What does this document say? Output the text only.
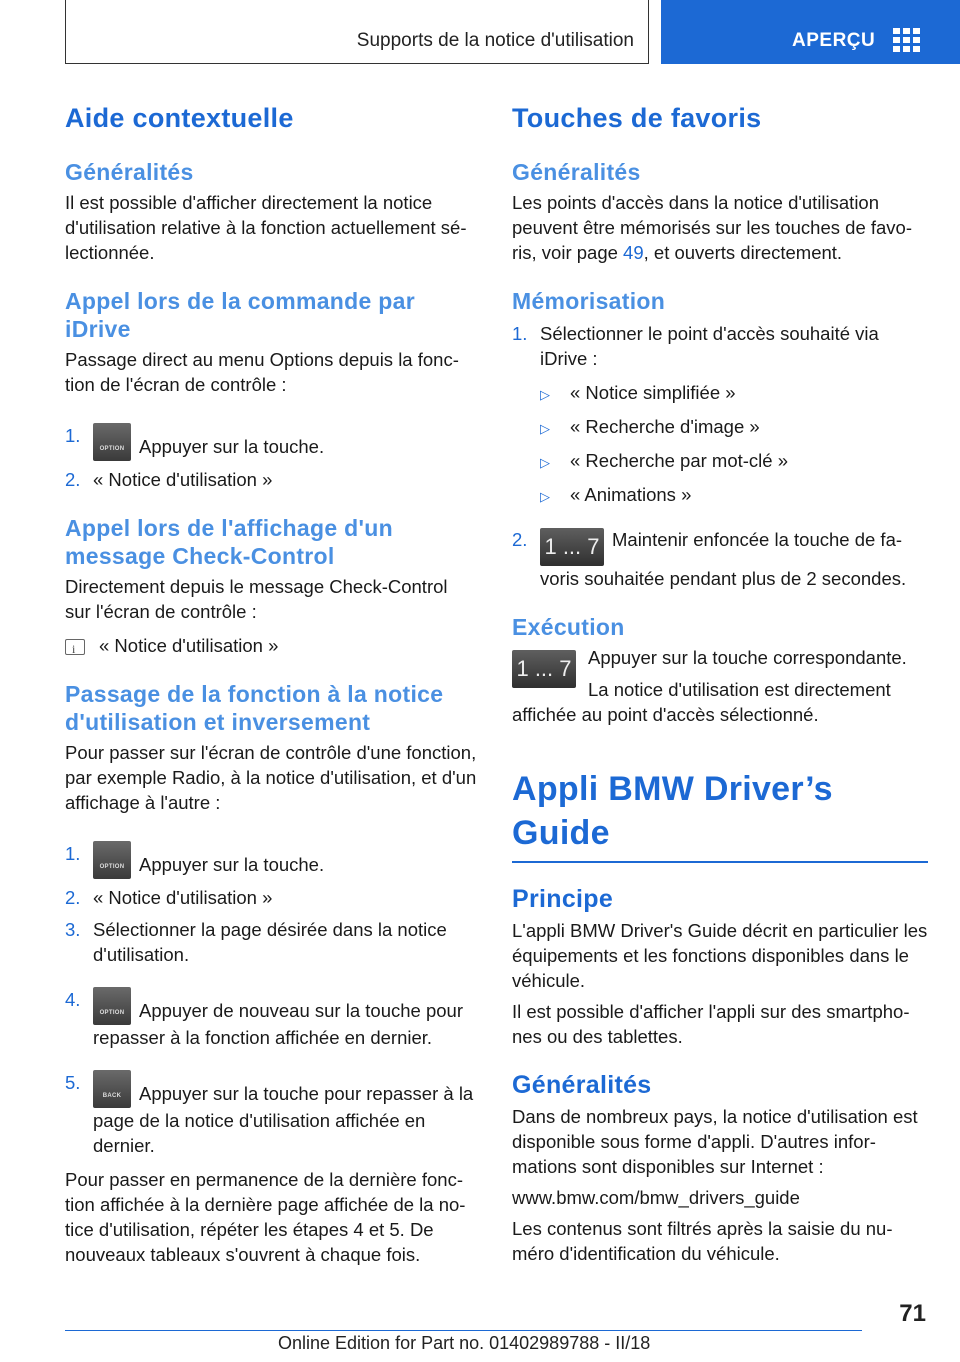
Supports de la notice d'utilisation	APERÇU
Aide contextuelle
Généralités

Il est possible d'afficher directement la notice d'utilisation relative à la fonction actuellement sélectionnée.

Appel lors de la commande par iDrive

Passage direct au menu Options depuis la fonction de l'écran de contrôle :

1.
OPTION Appuyer sur la touche.
2. « Notice d'utilisation »
Appel lors de l'affichage d'un message Check-Control

Directement depuis le message Check-Control sur l'écran de contrôle :

i« Notice d'utilisation »

Passage de la fonction à la notice d'utilisation et inversement

Pour passer sur l'écran de contrôle d'une fonction, par exemple Radio, à la notice d'utilisation, et d'un affichage à l'autre :

1.
OPTION Appuyer sur la touche.
2. « Notice d'utilisation »
3. Sélectionner la page désirée dans la notice d'utilisation.
4.
OPTION Appuyer de nouveau sur la touche pour repasser à la fonction affichée en dernier.
5.
BACK Appuyer sur la touche pour repasser à la page de la notice d'utilisation affichée en dernier.

Pour passer en permanence de la dernière fonction affichée à la dernière page affichée de la notice d'utilisation, répéter les étapes 4 et 5. De nouveaux tableaux s'ouvrent à chaque fois.

Touches de favoris
Généralités

Les points d'accès dans la notice d'utilisation peuvent être mémorisés sur les touches de favoris, voir page 49, et ouverts directement.

Mémorisation
1. Sélectionner le point d'accès souhaité via iDrive :
▷ « Notice simplifiée »
▷ « Recherche d'image »
▷ « Recherche par mot-clé »
▷ « Animations »
2. 1 ... 7 Maintenir enfoncée la touche de favoris souhaitée pendant plus de 2 secondes.
Exécution
1 ... 7 Appuyer sur la touche correspondante.

La notice d'utilisation est directement affichée au point d'accès sélectionné.

Appli BMW Driver’s Guide
Principe

L'appli BMW Driver's Guide décrit en particulier les équipements et les fonctions disponibles dans le véhicule.

Il est possible d'afficher l'appli sur des smartphones ou des tablettes.

Généralités

Dans de nombreux pays, la notice d'utilisation est disponible sous forme d'appli. D'autres informations sont disponibles sur Internet :

www.bmw.com/bmw_drivers_guide

Les contenus sont filtrés après la saisie du numéro d'identification du véhicule.

71
Online Edition for Part no. 01402989788 - II/18
